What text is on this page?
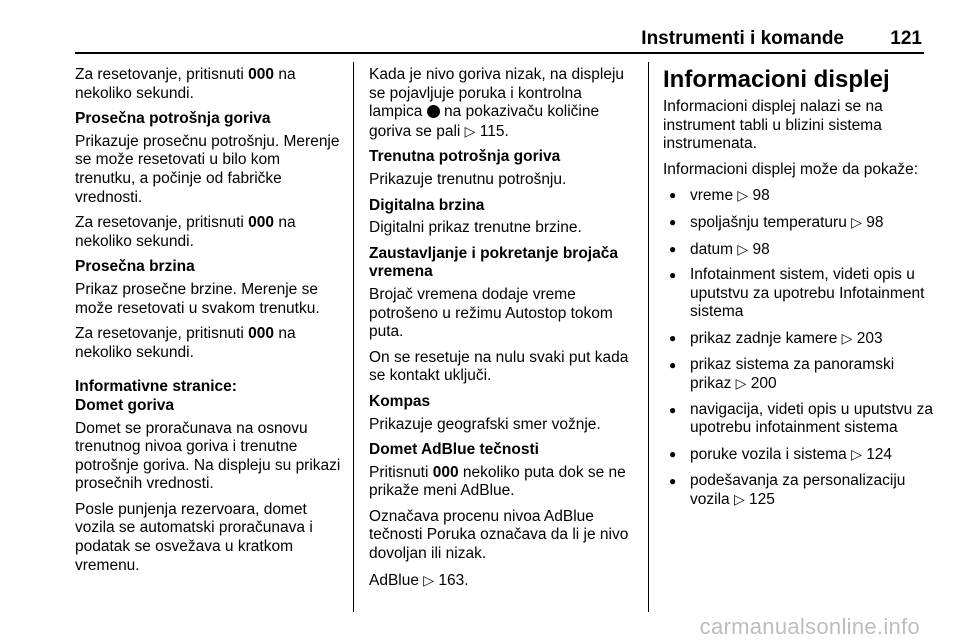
Instrumenti i komande 121

Za resetovanje, pritisnuti 000 na nekoliko sekundi.

Prosečna potrošnja goriva

Prikazuje prosečnu potrošnju. Merenje se može resetovati u bilo kom trenutku, a počinje od fabričke vrednosti.

Za resetovanje, pritisnuti 000 na nekoliko sekundi.

Prosečna brzina

Prikaz prosečne brzine. Merenje se može resetovati u svakom trenutku.

Za resetovanje, pritisnuti 000 na nekoliko sekundi.

Informativne stranice:

Domet goriva

Domet se proračunava na osnovu trenutnog nivoa goriva i trenutne potrošnje goriva. Na displeju su prikazi prosečnih vrednosti.

Posle punjenja rezervoara, domet vozila se automatski proračunava i podatak se osvežava u kratkom vremenu.

Kada je nivo goriva nizak, na displeju se pojavljuje poruka i kontrolna lampica  na pokazivaču količine goriva se pali ▷ 115.

Trenutna potrošnja goriva

Prikazuje trenutnu potrošnju.

Digitalna brzina

Digitalni prikaz trenutne brzine.

Zaustavljanje i pokretanje brojača vremena

Brojač vremena dodaje vreme potrošeno u režimu Autostop tokom puta.

On se resetuje na nulu svaki put kada se kontakt uključi.

Kompas

Prikazuje geografski smer vožnje.

Domet AdBlue tečnosti

Pritisnuti 000 nekoliko puta dok se ne prikaže meni AdBlue.

Označava procenu nivoa AdBlue tečnosti Poruka označava da li je nivo dovoljan ili nizak.

AdBlue ▷ 163.

Informacioni displej

Informacioni displej nalazi se na instrument tabli u blizini sistema instrumenata.

Informacioni displej može da pokaže:

● vreme ▷ 98
● spoljašnju temperaturu ▷ 98
● datum ▷ 98
● Infotainment sistem, videti opis u uputstvu za upotrebu Infotainment sistema
● prikaz zadnje kamere ▷ 203
● prikaz sistema za panoramski prikaz ▷ 200
● navigacija, videti opis u uputstvu za upotrebu infotainment sistema
● poruke vozila i sistema ▷ 124
● podešavanja za personalizaciju vozila ▷ 125
carmanualsonline.info
